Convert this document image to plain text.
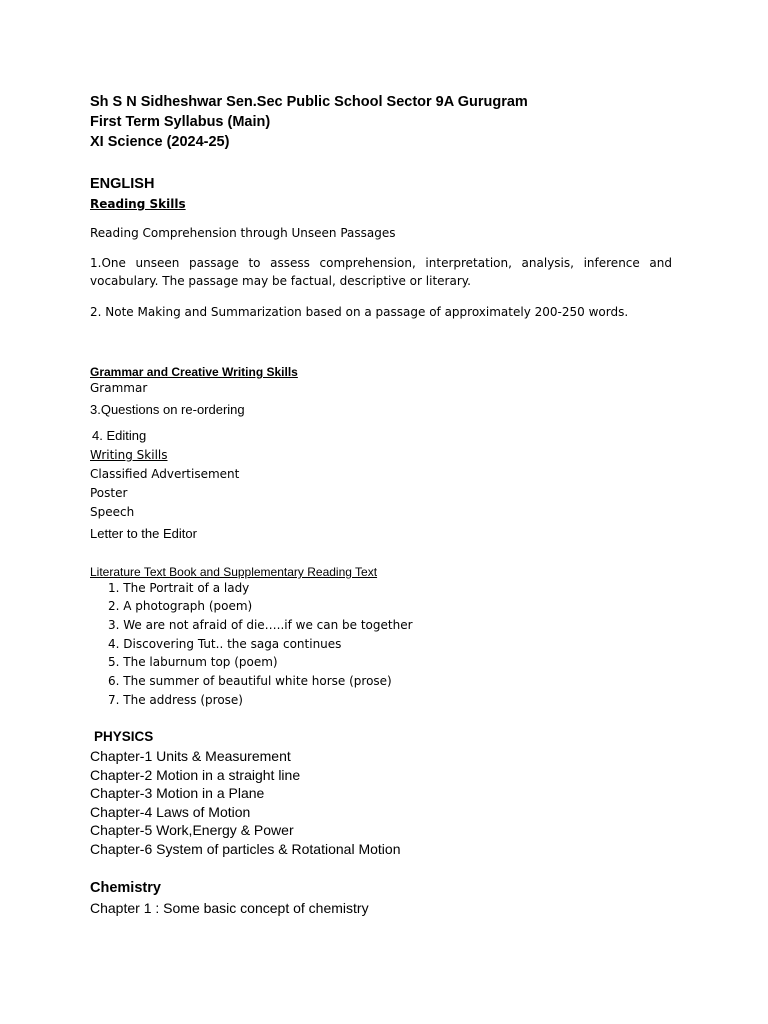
Sh S N Sidheshwar Sen.Sec Public School Sector 9A Gurugram
First Term Syllabus (Main)
XI Science (2024-25)
ENGLISH
Reading Skills
Reading Comprehension through Unseen Passages
1.One unseen passage to assess comprehension, interpretation, analysis, inference and vocabulary. The passage may be factual, descriptive or literary.
2. Note Making and Summarization based on a passage of approximately 200-250 words.
Grammar and Creative Writing Skills
Grammar
3.Questions on re-ordering
4. Editing
Writing Skills
Classified Advertisement
Poster
Speech
Letter to the Editor
Literature Text Book and Supplementary Reading Text
1. The Portrait of a lady
2. A photograph (poem)
3. We are not afraid of die…..if we can be together
4. Discovering Tut.. the saga continues
5. The laburnum top (poem)
6. The summer of beautiful white horse (prose)
7. The address (prose)
PHYSICS
Chapter-1 Units & Measurement
Chapter-2 Motion in a straight line
Chapter-3 Motion in a Plane
Chapter-4 Laws of Motion
Chapter-5 Work,Energy & Power
Chapter-6 System of particles & Rotational Motion
Chemistry
Chapter 1 : Some basic concept of chemistry
